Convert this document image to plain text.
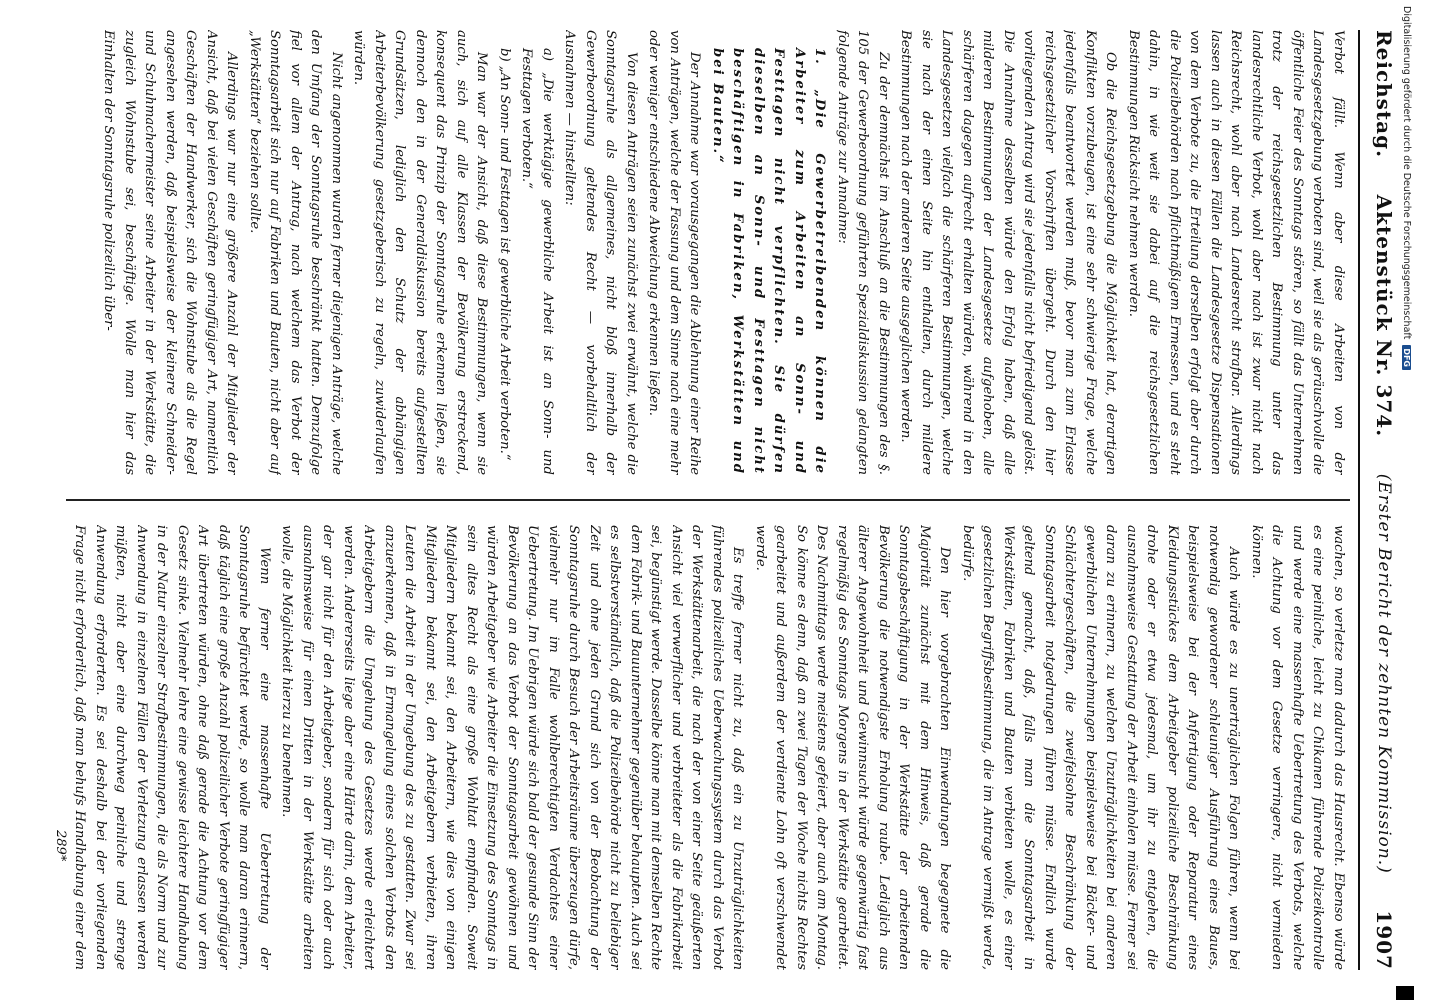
Reichstag.
Aktenstück Nr. 374.
(Erster Bericht der zehnten Kommission.)
1907

Verbot fällt. Wenn aber diese Arbeiten von der Landesgesetzgebung verboten sind, weil sie als geräuschvolle die öffentliche Feier des Sonntags stören, so fällt das Unternehmen trotz der reichsgesetzlichen Bestimmung unter das landesrechtliche Verbot, wohl aber nach ist zwar nicht nach Reichsrecht, wohl aber nach Landesrecht strafbar. Allerdings lassen auch in diesen Fällen die Landesgesetze Dispensationen von dem Verbote zu, die Erteilung derselben erfolgt aber durch die Polizeibehörden nach pflichtmäßigem Ermessen, und es steht dahin, in wie weit sie dabei auf die reichsgesetzlichen Bestimmungen Rücksicht nehmen werden.

Ob die Reichsgesetzgebung die Möglichkeit hat, derartigen Konflikten vorzubeugen, ist eine sehr schwierige Frage, welche jedenfalls beantwortet werden muß, bevor man zum Erlasse reichsgesetzlicher Vorschriften übergeht. Durch den hier vorliegenden Antrag wird sie jedenfalls nicht befriedigend gelöst. Die Annahme desselben würde den Erfolg haben, daß alle milderen Bestimmungen der Landesgesetze aufgehoben, alle schärferen dagegen aufrecht erhalten würden, während in den Landesgesetzen vielfach die schärferen Bestimmungen, welche sie nach der einen Seite hin enthalten, durch mildere Bestimmungen nach der anderen Seite ausgeglichen werden.

Zu der demnächst im Anschluß an die Bestimmungen des §. 105 der Gewerbeordnung geführten Spezialdiskussion gelangten folgende Anträge zur Annahme:

1. „Die Gewerbetreibenden können die Arbeiter zum Arbeiten an Sonn- und Festtagen nicht verpflichten. Sie dürfen dieselben an Sonn- und Festtagen nicht beschäftigen in Fabriken, Werkstätten und bei Bauten.“

Der Annahme war vorausgegangen die Ablehnung einer Reihe von Anträgen, welche der Fassung und dem Sinne nach eine mehr oder weniger entschiedene Abweichung erkennen ließen.

Von diesen Anträgen seien zunächst zwei erwähnt, welche die Sonntagsruhe als allgemeines, nicht bloß innerhalb der Gewerbeordnung geltendes Recht — vorbehaltlich der Ausnahmen — hinstellten:

a) „Die werktägige gewerbliche Arbeit ist an Sonn- und Festtagen verboten.“

b) „An Sonn- und Festtagen ist gewerbliche Arbeit verboten.“

Man war der Ansicht, daß diese Bestimmungen, wenn sie auch, sich auf alle Klassen der Bevölkerung erstreckend, konsequent das Prinzip der Sonntagsruhe erkennen ließen, sie dennoch den in der Generaldiskussion bereits aufgestellten Grundsätzen, lediglich den Schutz der abhängigen Arbeiterbevölkerung gesetzgeberisch zu regeln, zuwiderlaufen würden.

Nicht angenommen wurden ferner diejenigen Anträge, welche den Umfang der Sonntagsruhe beschränkt hatten. Demzufolge fiel vor allem der Antrag, nach welchem das Verbot der Sonntagsarbeit sich nur auf Fabriken und Bauten, nicht aber auf „Werkstätten“ beziehen sollte.

Allerdings war nur eine größere Anzahl der Mitglieder der Ansicht, daß bei vielen Geschäften geringfügiger Art, namentlich Geschäften der Handwerker, sich die Wohnstube als die Regel angesehen werden, daß beispielsweise der kleinere Schneider- und Schuhmachermeister seine Arbeiter in der Werkstätte, die zugleich Wohnstube sei, beschäftige. Wolle man hier das Einhalten der Sonntagsruhe polizeilich über-

wachen, so verletze man dadurch das Hausrecht. Ebenso würde es eine peinliche, leicht zu Chikanen führende Polizeikontrolle und werde eine massenhafte Uebertretung des Verbots, welche die Achtung vor dem Gesetze verringere, nicht vermieden können.

Auch würde es zu unerträglichen Folgen führen, wenn bei notwendig gewordener schleuniger Ausführung eines Baues, beispielsweise bei der Anfertigung oder Reparatur eines Kleidungsstückes dem Arbeitgeber polizeiliche Beschränkung drohe oder er etwa jedesmal, um ihr zu entgehen, die ausnahmsweise Gestattung der Arbeit einholen müsse. Ferner sei daran zu erinnern, zu welchen Unzuträglichkeiten bei anderen gewerblichen Unternehmungen beispielsweise bei Bäcker- und Schlächtergeschäften, die zweifelsohne Beschränkung der Sonntagsarbeit notgedrungen führen müsse. Endlich wurde geltend gemacht, daß, falls man die Sonntagsarbeit in Werkstätten, Fabriken und Bauten verbieten wolle, es einer gesetzlichen Begriffsbestimmung, die im Antrage vermißt werde, bedürfe.

Den hier vorgebrachten Einwendungen begegnete die Majorität zunächst mit dem Hinweis, daß gerade die Sonntagsbeschäftigung in der Werkstätte der arbeitenden Bevölkerung die notwendigste Erholung raube. Lediglich aus älterer Angewohnheit und Gewinnsucht würde gegenwärtig fast regelmäßig des Sonntags Morgens in der Werkstätte gearbeitet. Des Nachmittags werde meistens gefeiert, aber auch am Montag. So könne es denn, daß an zwei Tagen der Woche nichts Rechtes gearbeitet und außerdem der verdiente Lohn oft verschwendet werde.

Es treffe ferner nicht zu, daß ein zu Unzuträglichkeiten führendes polizeiliches Ueberwachungssystem durch das Verbot der Werkstättenarbeit, die nach der von einer Seite geäußerten Ansicht viel verwerflicher und verbreiteter als die Fabrikarbeit sei, begünstigt werde. Dasselbe könne man mit demselben Rechte dem Fabrik- und Bauunternehmer gegenüber behaupten. Auch sei es selbstverständlich, daß die Polizeibehörde nicht zu beliebiger Zeit und ohne jeden Grund sich von der Beobachtung der Sonntagsruhe durch Besuch der Arbeitsräume überzeugen dürfe, vielmehr nur im Falle wohlberechtigten Verdachtes einer Uebertretung. Im Uebrigen würde sich bald der gesunde Sinn der Bevölkerung an das Verbot der Sonntagsarbeit gewöhnen und würden Arbeitgeber wie Arbeiter die Einsetzung des Sonntags in sein altes Recht als eine große Wohltat empfinden. Soweit Mitgliedern bekannt sei, den Arbeitern, wie dies von einigen Mitgliedern bekannt sei, den Arbeitgebern verbieten, ihren Leuten die Arbeit in der Umgebung des zu gestatten. Zwar sei anzuerkennen, daß in Ermangelung eines solchen Verbots den Arbeitgebern die Umgehung des Gesetzes werde erleichtert werden. Andererseits liege aber eine Härte darin, dem Arbeiter, der gar nicht für den Arbeitgeber, sondern für sich oder auch ausnahmsweise für einen Dritten in der Werkstätte arbeiten wolle, die Möglichkeit hierzu zu benehmen.

Wenn ferner eine massenhafte Uebertretung der Sonntagsruhe befürchtet werde, so wolle man daran erinnern, daß täglich eine große Anzahl polizeilicher Verbote geringfügiger Art übertreten würden, ohne daß gerade die Achtung vor dem Gesetz sinke. Vielmehr lehre eine gewisse leichtere Handhabung in der Natur einzelner Strafbestimmungen, die als Norm und zur Anwendung in einzelnen Fällen der Verletzung erlassen werden müßten, nicht aber eine durchweg peinliche und strenge Anwendung erforderten. Es sei deshalb bei der vorliegenden Frage nicht erforderlich, daß man behufs Handhabung einer dem

289*
Digitalisierung gefördert durch die Deutsche Forschungsgemeinschaft
DFG
